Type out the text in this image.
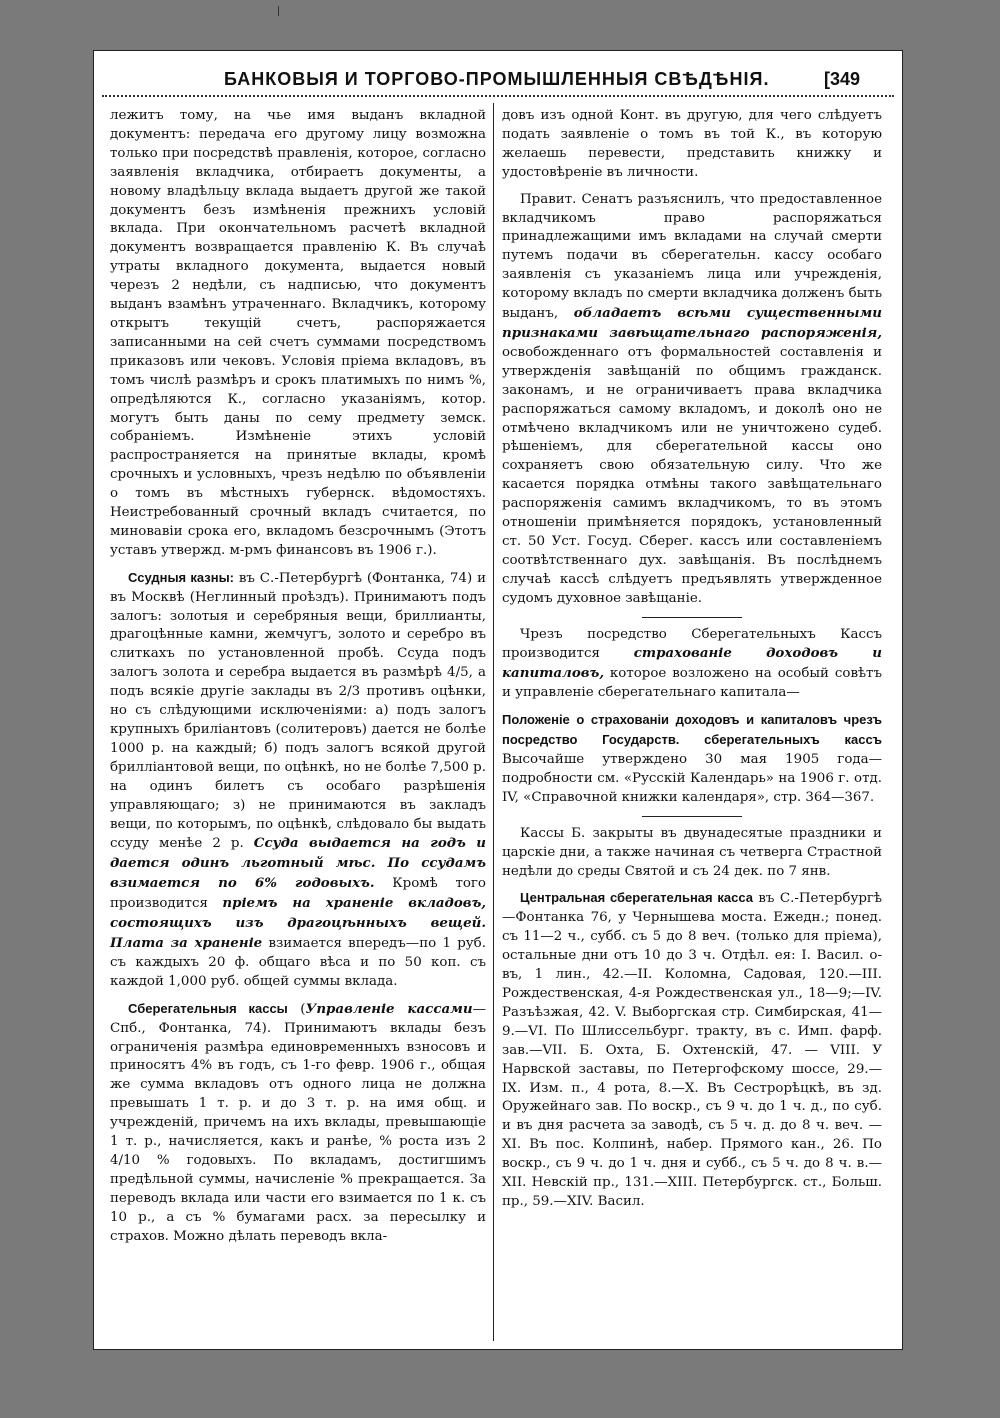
БАНКОВЫЯ И ТОРГОВО-ПРОМЫШЛЕННЫЯ СВѢДѢНІЯ.	[349

лежитъ тому, на чье имя выданъ вкладной документъ: передача его другому лицу возможна только при посредствѣ правленія, которое, согласно заявленія вкладчика, отбираетъ документы, а новому владѣльцу вклада выдаетъ другой же такой документъ безъ измѣненія прежнихъ условій вклада. При окончательномъ расчетѣ вкладной документъ возвращается правленію К. Въ случаѣ утраты вкладного документа, выдается новый черезъ 2 недѣли, съ надписью, что документъ выданъ взамѣнъ утраченнаго. Вкладчикъ, которому открытъ текущій счетъ, распоряжается записанными на сей счетъ суммами посредствомъ приказовъ или чековъ. Условія пріема вкладовъ, въ томъ числѣ размѣръ и срокъ платимыхъ по нимъ %, опредѣляются К., согласно указаніямъ, котор. могутъ быть даны по сему предмету земск. собраніемъ. Измѣненіе этихъ условій распространяется на принятые вклады, кромѣ срочныхъ и условныхъ, чрезъ недѣлю по объявленіи о томъ въ мѣстныхъ губернск. вѣдомостяхъ. Неистребованный срочный вкладъ считается, по миновавіи срока его, вкладомъ безсрочнымъ (Этотъ уставъ утвержд. м-рмъ финансовъ въ 1906 г.).

Ссудныя казны: въ С.-Петербургѣ (Фонтанка, 74) и въ Москвѣ (Неглинный проѣздъ). Принимаютъ подъ залогъ: золотыя и серебряныя вещи, бриллианты, драгоцѣнные камни, жемчугъ, золото и серебро въ слиткахъ по установленной пробѣ. Ссуда подъ залогъ золота и серебра выдается въ размѣрѣ 4/5, а подъ всякіе другіе заклады въ 2/3 противъ оцѣнки, но съ слѣдующими исключеніями: а) подъ залогъ крупныхъ бриліантовъ (солитеровъ) дается не болѣе 1000 р. на каждый; б) подъ залогъ всякой другой бриллiантовой вещи, по оцѣнкѣ, но не болѣе 7,500 р. на одинъ билетъ съ особаго разрѣшенія управляющаго; з) не принимаются въ закладъ вещи, по которымъ, по оцѣнкѣ, слѣдовало бы выдать ссуду менѣе 2 р. Ссуда выдается на годъ и дается одинъ льготный мѣс. По ссудамъ взимается по 6% годовыхъ. Кромѣ того производится пріемъ на храненіе вкладовъ, состоящихъ изъ драгоцѣнныхъ вещей. Плата за храненіе взимается впередъ—по 1 руб. съ каждыхъ 20 ф. общаго вѣса и по 50 коп. съ каждой 1,000 руб. общей суммы вклада.

Сберегательныя кассы (Управленіе кассами—Спб., Фонтанка, 74). Принимаютъ вклады безъ ограниченія размѣра единовременныхъ взносовъ и приносятъ 4% въ годъ, съ 1-го февр. 1906 г., общая же сумма вкладовъ отъ одного лица не должна превышать 1 т. р. и до 3 т. р. на имя общ. и учрежденій, причемъ на ихъ вклады, превышающіе 1 т. р., начисляется, какъ и ранѣе, % роста изъ 2 4/10 % годовыхъ. По вкладамъ, достигшимъ предѣльной суммы, начисленіе % прекращается. За переводъ вклада или части его взимается по 1 к. съ 10 р., а съ % бумагами расх. за пересылку и страхов. Можно дѣлать переводъ вкла-

довъ изъ одной Конт. въ другую, для чего слѣдуетъ подать заявленіе о томъ въ той К., въ которую желаешь перевести, представить книжку и удостовѣреніе въ личности.

Правит. Сенатъ разъяснилъ, что предоставленное вкладчикомъ право распоряжаться принадлежащими имъ вкладами на случай смерти путемъ подачи въ сберегательн. кассу особаго заявленія съ указаніемъ лица или учрежденія, которому вкладъ по смерти вкладчика долженъ быть выданъ, обладаетъ всѣми существенными признаками завѣщательнаго распоряженія, освобожденнаго отъ формальностей составленія и утвержденія завѣщаній по общимъ гражданск. законамъ, и не ограничиваетъ права вкладчика распоряжаться самому вкладомъ, и доколѣ оно не отмѣчено вкладчикомъ или не уничтожено судеб. рѣшеніемъ, для сберегательной кассы оно сохраняетъ свою обязательную силу. Что же касается порядка отмѣны такого завѣщательнаго распоряженія самимъ вкладчикомъ, то въ этомъ отношеніи примѣняется порядокъ, установленный ст. 50 Уст. Госуд. Сберег. кассъ или составленіемъ соотвѣтственнаго дух. завѣщанія. Въ послѣднемъ случаѣ кассѣ слѣдуетъ предъявлять утвержденное судомъ духовное завѣщаніе.

Чрезъ посредство Сберегательныхъ Кассъ производится страхованіе доходовъ и капиталовъ, которое возложено на особый совѣтъ и управленіе сберегательнаго капитала—

Положеніе о страхованіи доходовъ и капиталовъ чрезъ посредство Государств. сберегательныхъ кассъ Высочайше утверждено 30 мая 1905 года—подробности см. «Русскій Календарь» на 1906 г. отд. IV, «Справочной книжки календаря», стр. 364—367.

Кассы Б. закрыты въ двунадесятые праздники и царскіе дни, а также начиная съ четверга Страстной недѣли до среды Святой и съ 24 дек. по 7 янв.

Центральная сберегательная касса въ С.-Петербургѣ—Фонтанка 76, у Чернышева моста. Ежедн.; понед. съ 11—2 ч., субб. съ 5 до 8 веч. (только для пріема), остальные дни отъ 10 до 3 ч. Отдѣл. ея: I. Васил. о-въ, 1 лин., 42.—II. Коломна, Садовая, 120.—III. Рождественская, 4-я Рождественская ул., 18—9;—IV. Разъѣзжая, 42. V. Выборгская стр. Симбирская, 41—9.—VI. По Шлиссельбург. тракту, въ с. Имп. фарф. зав.—VII. Б. Охта, Б. Охтенскій, 47. — VIII. У Нарвской заставы, по Петергофскому шоссе, 29.—IX. Изм. п., 4 рота, 8.—X. Въ Сестрорѣцкѣ, въ зд. Оружейнаго зав. По воскр., съ 9 ч. до 1 ч. д., по суб. и въ дня расчета за заводѣ, съ 5 ч. д. до 8 ч. веч. — XI. Въ пос. Колпинѣ, набер. Прямого кан., 26. По воскр., съ 9 ч. до 1 ч. дня и субб., съ 5 ч. до 8 ч. в.—XII. Невскій пр., 131.—XIII. Петербургск. ст., Больш. пр., 59.—XIV. Васил.
